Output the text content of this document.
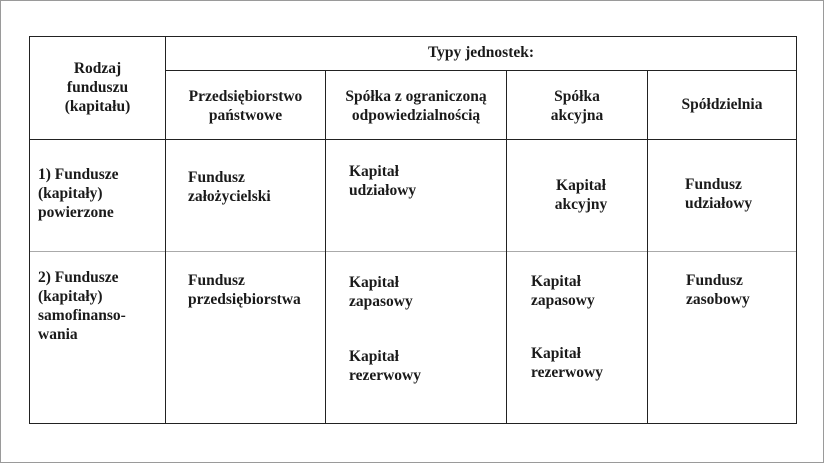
Rodzaj
funduszu
(kapitału)
Typy jednostek:
Przedsiębiorstwo
państwowe
Spółka z ograniczoną
odpowiedzialnością
Spółka
akcyjna
Spółdzielnia
1) Fundusze
(kapitały)
powierzone
Fundusz
założycielski
Kapitał
udziałowy	Kapitał
akcyjny
Fundusz
udziałowy
2) Fundusze
(kapitały)
samofinanso-
wania
Fundusz
przedsiębiorstwa
Kapitał
zapasowy
Kapitał
rezerwowy
Kapitał
zapasowy
Kapitał
rezerwowy
Fundusz
zasobowy
